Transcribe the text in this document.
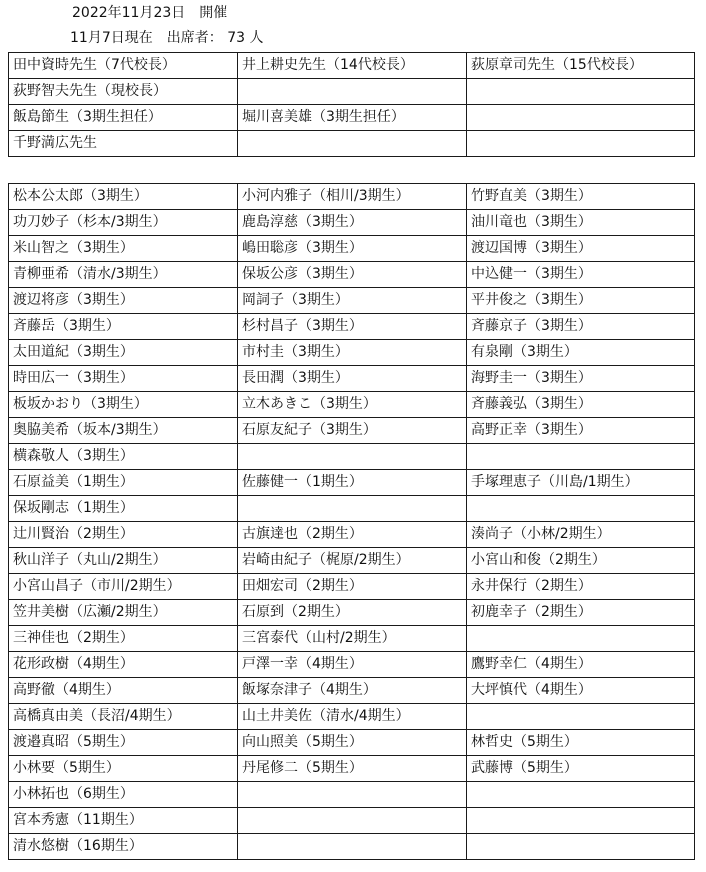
2022年11月23日　 開催
11月7日現在　 出席者： 73 人
田中資時先生（7代校長）	井上耕史先生（14代校長）	荻原章司先生（15代校長）
荻野智夫先生（現校長）		
飯島節生（3期生担任）	堀川喜美雄（3期生担任）	
千野満広先生		
松本公太郎（3期生）	小河内雅子（相川/3期生）	竹野直美（3期生）
功刀妙子（杉本/3期生）	鹿島淳慈（3期生）	油川竜也（3期生）
米山智之（3期生）	嶋田聡彦（3期生）	渡辺国博（3期生）
青柳亜希（清水/3期生）	保坂公彦（3期生）	中込健一（3期生）
渡辺将彦（3期生）	岡詞子（3期生）	平井俊之（3期生）
斉藤岳（3期生）	杉村昌子（3期生）	斉藤京子（3期生）
太田道紀（3期生）	市村圭（3期生）	有泉剛（3期生）
時田広一（3期生）	長田潤（3期生）	海野圭一（3期生）
板坂かおり（3期生）	立木あきこ（3期生）	斉藤義弘（3期生）
奥脇美希（坂本/3期生）	石原友紀子（3期生）	高野正幸（3期生）
横森敬人（3期生）		
石原益美（1期生）	佐藤健一（1期生）	手塚理恵子（川島/1期生）
保坂剛志（1期生）		
辻川賢治（2期生）	古旗達也（2期生）	湊尚子（小林/2期生）
秋山洋子（丸山/2期生）	岩崎由紀子（梶原/2期生）	小宮山和俊（2期生）
小宮山昌子（市川/2期生）	田畑宏司（2期生）	永井保行（2期生）
笠井美樹（広瀬/2期生）	石原到（2期生）	初鹿幸子（2期生）
三神佳也（2期生）	三宮泰代（山村/2期生）	
花形政樹（4期生）	戸澤一幸（4期生）	鷹野幸仁（4期生）
高野徹（4期生）	飯塚奈津子（4期生）	大坪慎代（4期生）
高橋真由美（長沼/4期生）	山土井美佐（清水/4期生）	
渡邉真昭（5期生）	向山照美（5期生）	林哲史（5期生）
小林要（5期生）	丹尾修二（5期生）	武藤博（5期生）
小林拓也（6期生）		
宮本秀憲（11期生）		
清水悠樹（16期生）		
